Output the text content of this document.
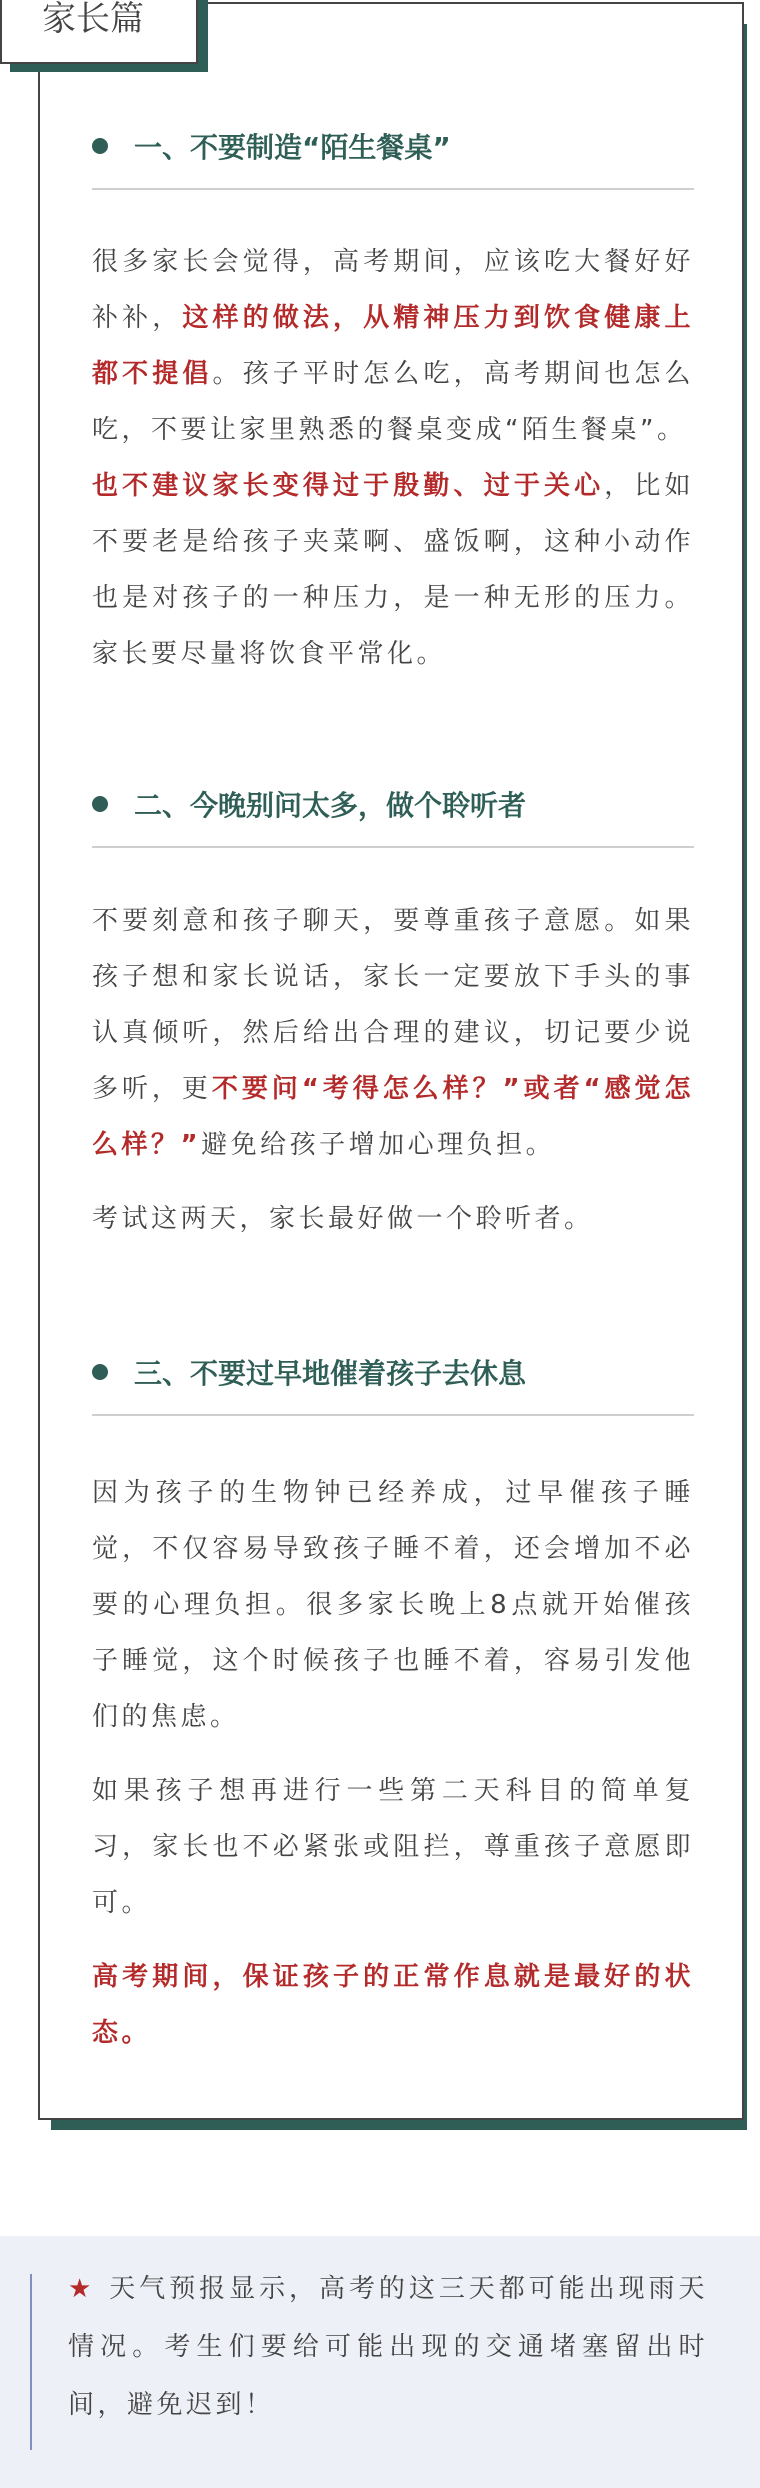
家长篇
一、不要制造“陌生餐桌”

很多家长会觉得，高考期间，应该吃大餐好好补补，这样的做法，从精神压力到饮食健康上都不提倡。孩子平时怎么吃，高考期间也怎么吃，不要让家里熟悉的餐桌变成“陌生餐桌”。

也不建议家长变得过于殷勤、过于关心，比如不要老是给孩子夹菜啊、盛饭啊，这种小动作也是对孩子的一种压力，是一种无形的压力。家长要尽量将饮食平常化。

二、今晚别问太多，做个聆听者

不要刻意和孩子聊天，要尊重孩子意愿。如果孩子想和家长说话，家长一定要放下手头的事认真倾听，然后给出合理的建议，切记要少说多听，更不要问“考得怎么样？”或者“感觉怎么样？”避免给孩子增加心理负担。

考试这两天，家长最好做一个聆听者。

三、不要过早地催着孩子去休息

因为孩子的生物钟已经养成，过早催孩子睡觉，不仅容易导致孩子睡不着，还会增加不必要的心理负担。很多家长晚上8点就开始催孩子睡觉，这个时候孩子也睡不着，容易引发他们的焦虑。

如果孩子想再进行一些第二天科目的简单复习，家长也不必紧张或阻拦，尊重孩子意愿即可。

高考期间，保证孩子的正常作息就是最好的状态。

★ 天气预报显示，高考的这三天都可能出现雨天情况。考生们要给可能出现的交通堵塞留出时间，避免迟到！
